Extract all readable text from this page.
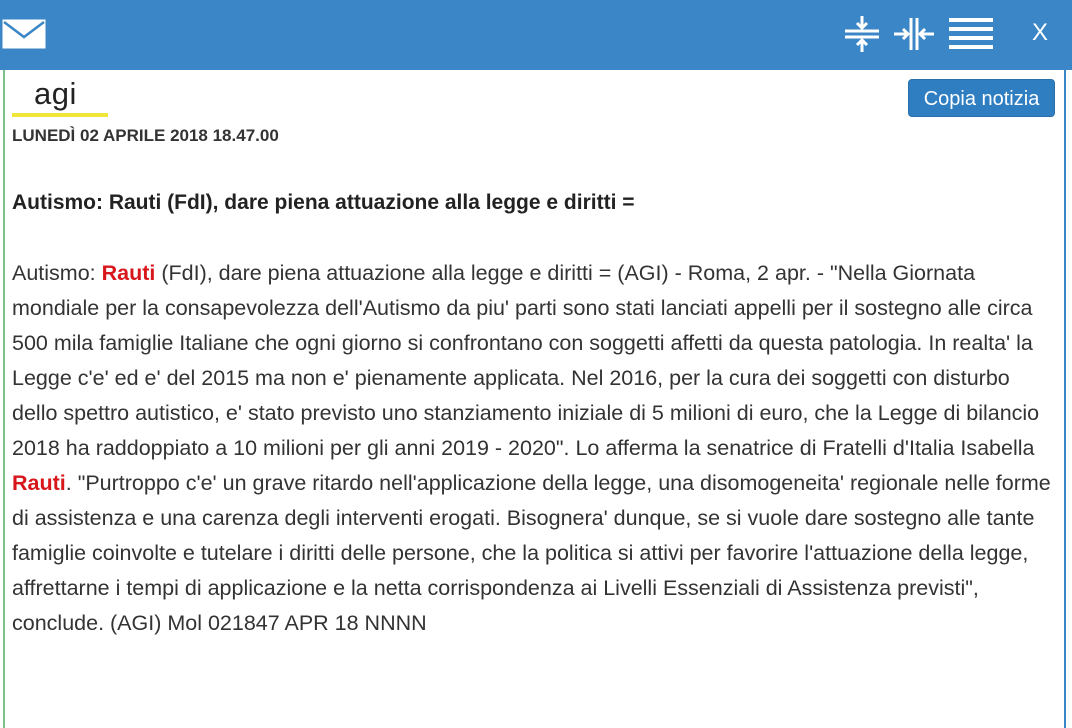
X
agi	Copia notizia
LUNEDÌ 02 APRILE 2018 18.47.00
Autismo: Rauti (FdI), dare piena attuazione alla legge e diritti =
Autismo: Rauti (FdI), dare piena attuazione alla legge e diritti = (AGI) - Roma, 2 apr. - "Nella Giornata mondiale per la consapevolezza dell'Autismo da piu' parti sono stati lanciati appelli per il sostegno alle circa 500 mila famiglie Italiane che ogni giorno si confrontano con soggetti affetti da questa patologia. In realta' la Legge c'e' ed e' del 2015 ma non e' pienamente applicata. Nel 2016, per la cura dei soggetti con disturbo dello spettro autistico, e' stato previsto uno stanziamento iniziale di 5 milioni di euro, che la Legge di bilancio 2018 ha raddoppiato a 10 milioni per gli anni 2019 - 2020". Lo afferma la senatrice di Fratelli d'Italia Isabella Rauti. "Purtroppo c'e' un grave ritardo nell'applicazione della legge, una disomogeneita' regionale nelle forme di assistenza e una carenza degli interventi erogati. Bisognera' dunque, se si vuole dare sostegno alle tante famiglie coinvolte e tutelare i diritti delle persone, che la politica si attivi per favorire l'attuazione della legge, affrettarne i tempi di applicazione e la netta corrispondenza ai Livelli Essenziali di Assistenza previsti", conclude. (AGI) Mol 021847 APR 18 NNNN
